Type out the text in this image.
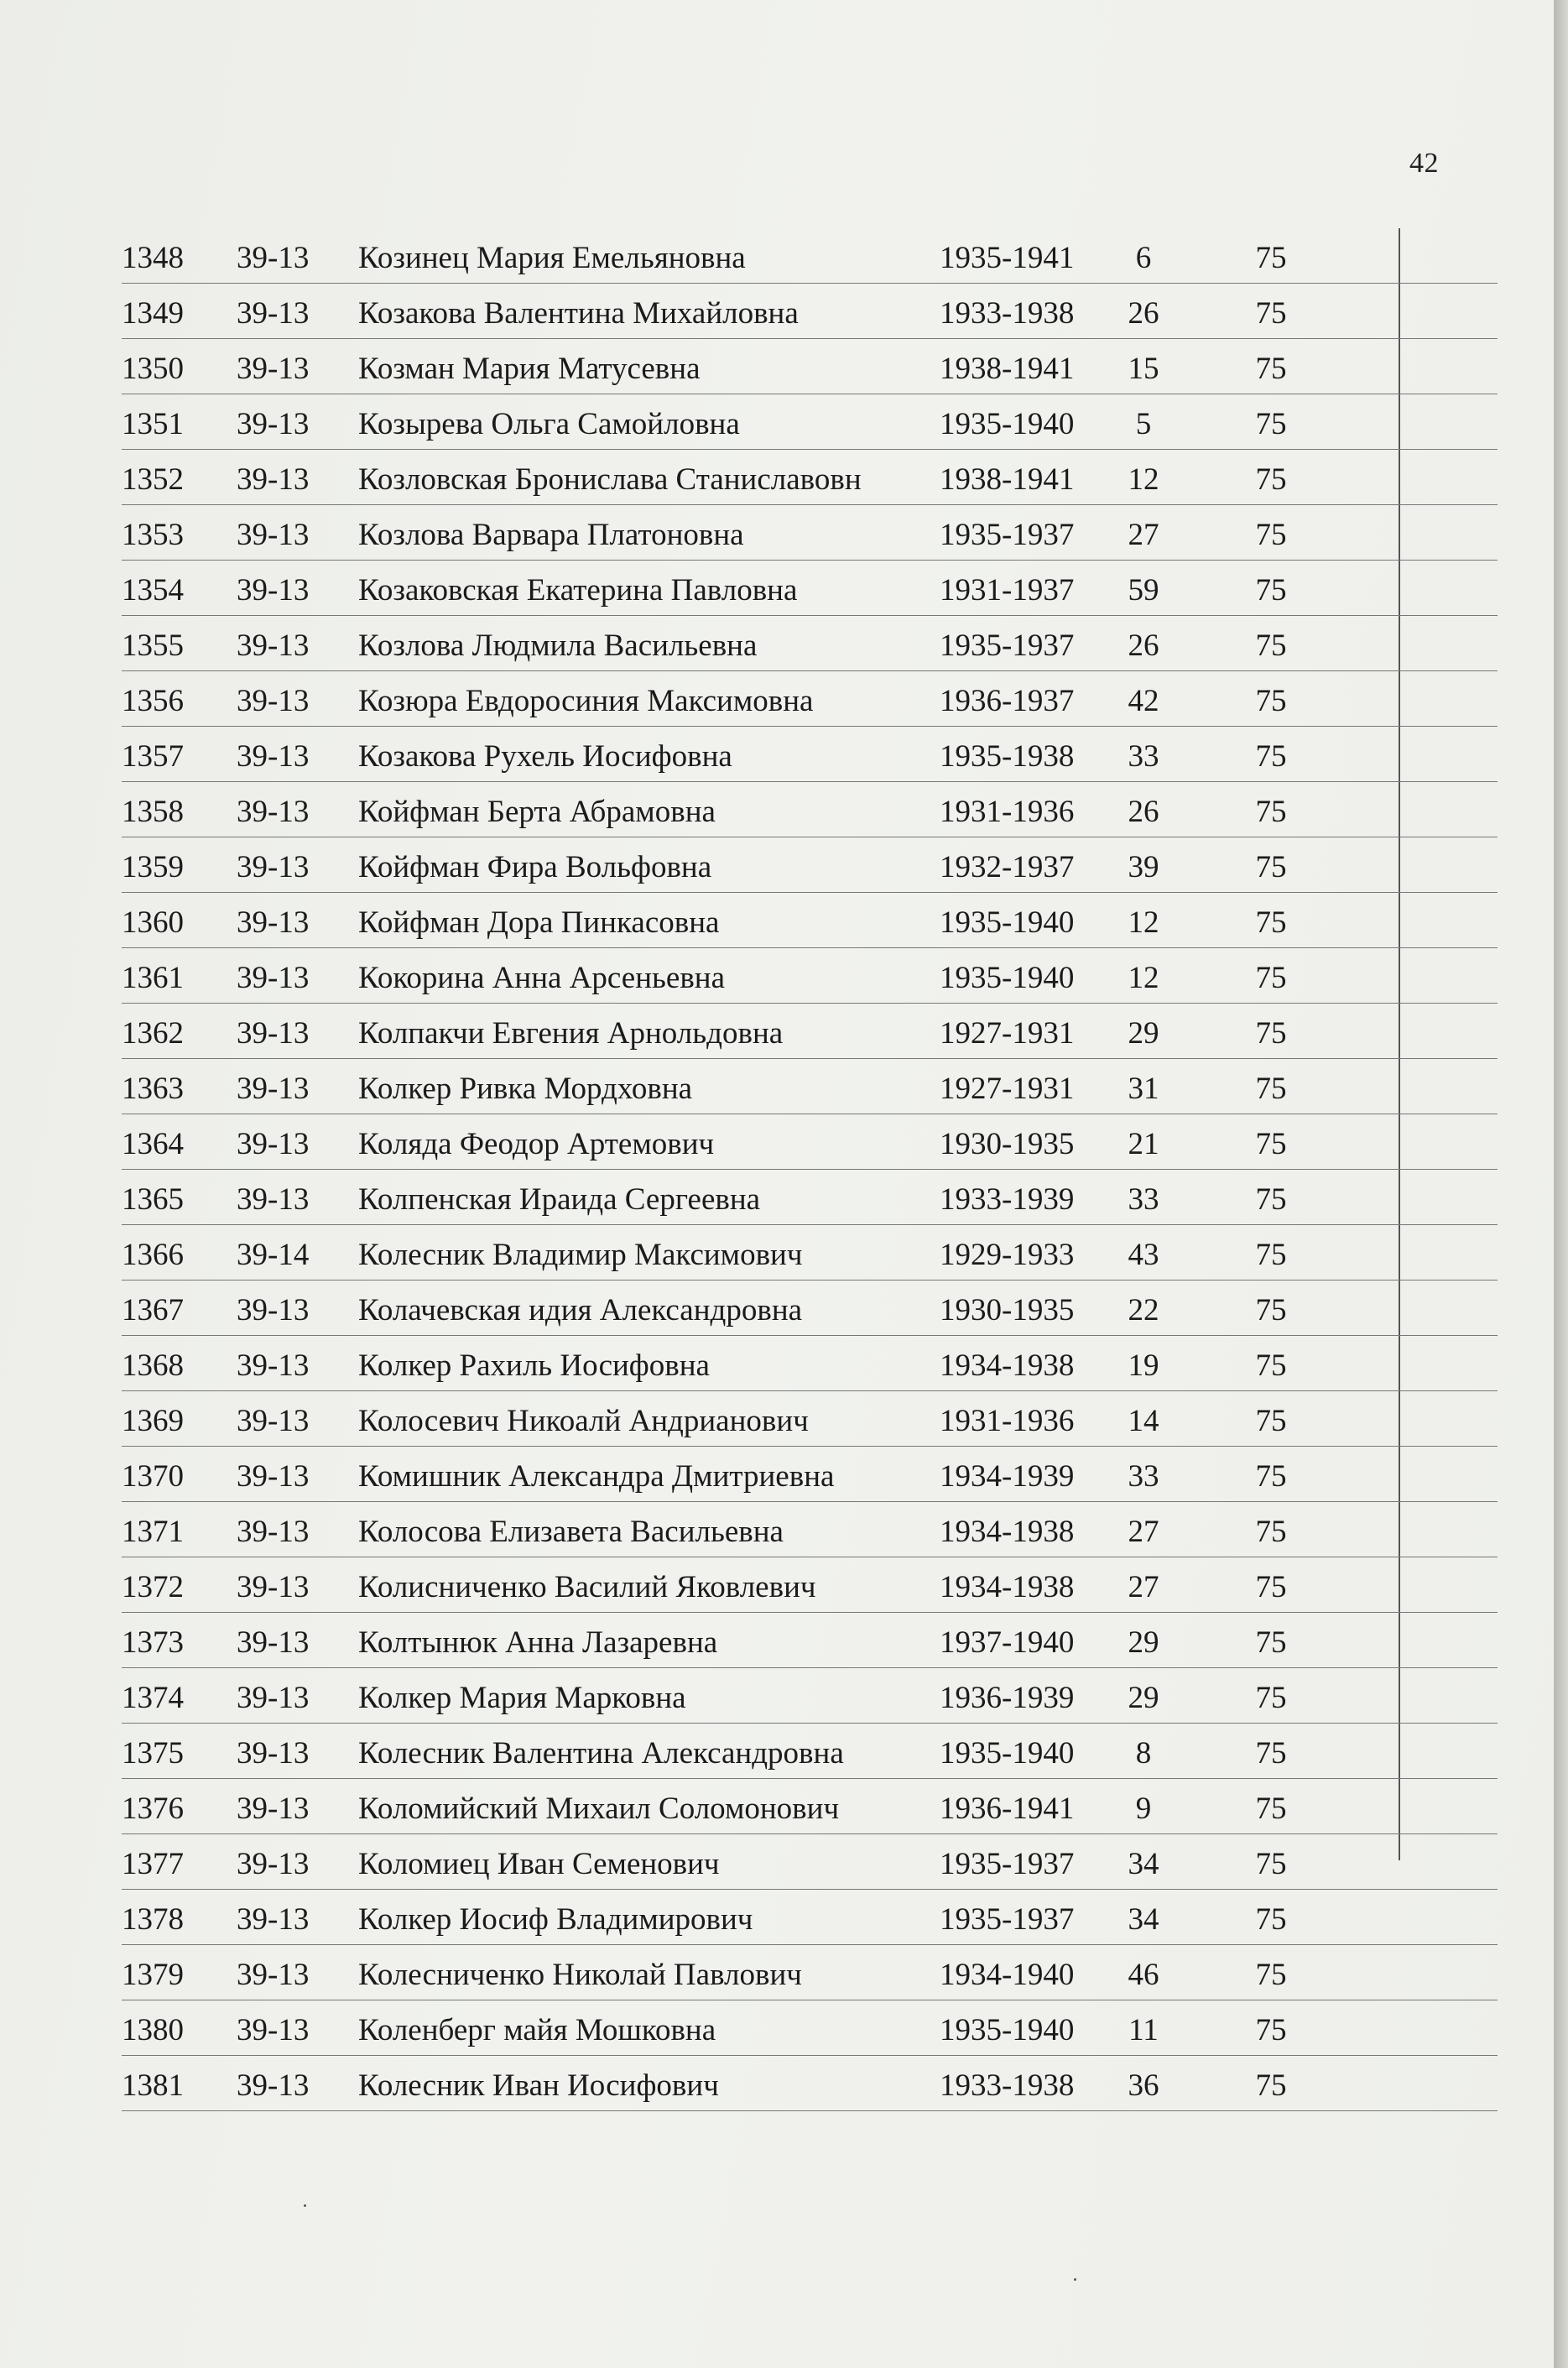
42
1348 39-13 Козинец Мария Емельяновна	1935-1941	6	75
1349 39-13 Козакова Валентина Михайловна	1933-1938	26	75
1350 39-13 Козман Мария Матусевна	1938-1941	15	75
1351 39-13 Козырева Ольга Самойловна	1935-1940	5	75
1352 39-13 Козловская Бронислава Станиславовн	1938-1941	12	75
1353 39-13 Козлова Варвара Платоновна	1935-1937	27	75
1354 39-13 Козаковская Екатерина Павловна	1931-1937	59	75
1355 39-13 Козлова Людмила Васильевна	1935-1937	26	75
1356 39-13 Козюра Евдоросиния Максимовна	1936-1937	42	75
1357 39-13 Козакова Рухель Иосифовна	1935-1938	33	75
1358 39-13 Койфман Берта Абрамовна	1931-1936	26	75
1359 39-13 Койфман Фира Вольфовна	1932-1937	39	75
1360 39-13 Койфман Дора Пинкасовна	1935-1940	12	75
1361 39-13 Кокорина Анна Арсеньевна	1935-1940	12	75
1362 39-13 Колпакчи Евгения Арнольдовна	1927-1931	29	75
1363 39-13 Колкер Ривка Мордховна	1927-1931	31	75
1364 39-13 Коляда Феодор Артемович	1930-1935	21	75
1365 39-13 Колпенская Ираида Сергеевна	1933-1939	33	75
1366 39-14 Колесник Владимир Максимович	1929-1933	43	75
1367 39-13 Колачевская идия Александровна	1930-1935	22	75
1368 39-13 Колкер Рахиль Иосифовна	1934-1938	19	75
1369 39-13 Колосевич Никоалй Андрианович	1931-1936	14	75
1370 39-13 Комишник Александра Дмитриевна	1934-1939	33	75
1371 39-13 Колосова Елизавета Васильевна	1934-1938	27	75
1372 39-13 Колисниченко Василий Яковлевич	1934-1938	27	75
1373 39-13 Колтынюк Анна Лазаревна	1937-1940	29	75
1374 39-13 Колкер Мария Марковна	1936-1939	29	75
1375 39-13 Колесник Валентина Александровна	1935-1940	8	75
1376 39-13 Коломийский Михаил Соломонович	1936-1941	9	75
1377 39-13 Коломиец Иван Семенович	1935-1937	34	75
1378 39-13 Колкер Иосиф Владимирович	1935-1937	34	75
1379 39-13 Колесниченко Николай Павлович	1934-1940	46	75
1380 39-13 Коленберг майя Мошковна	1935-1940	11	75
1381 39-13 Колесник Иван Иосифович	1933-1938	36	75
